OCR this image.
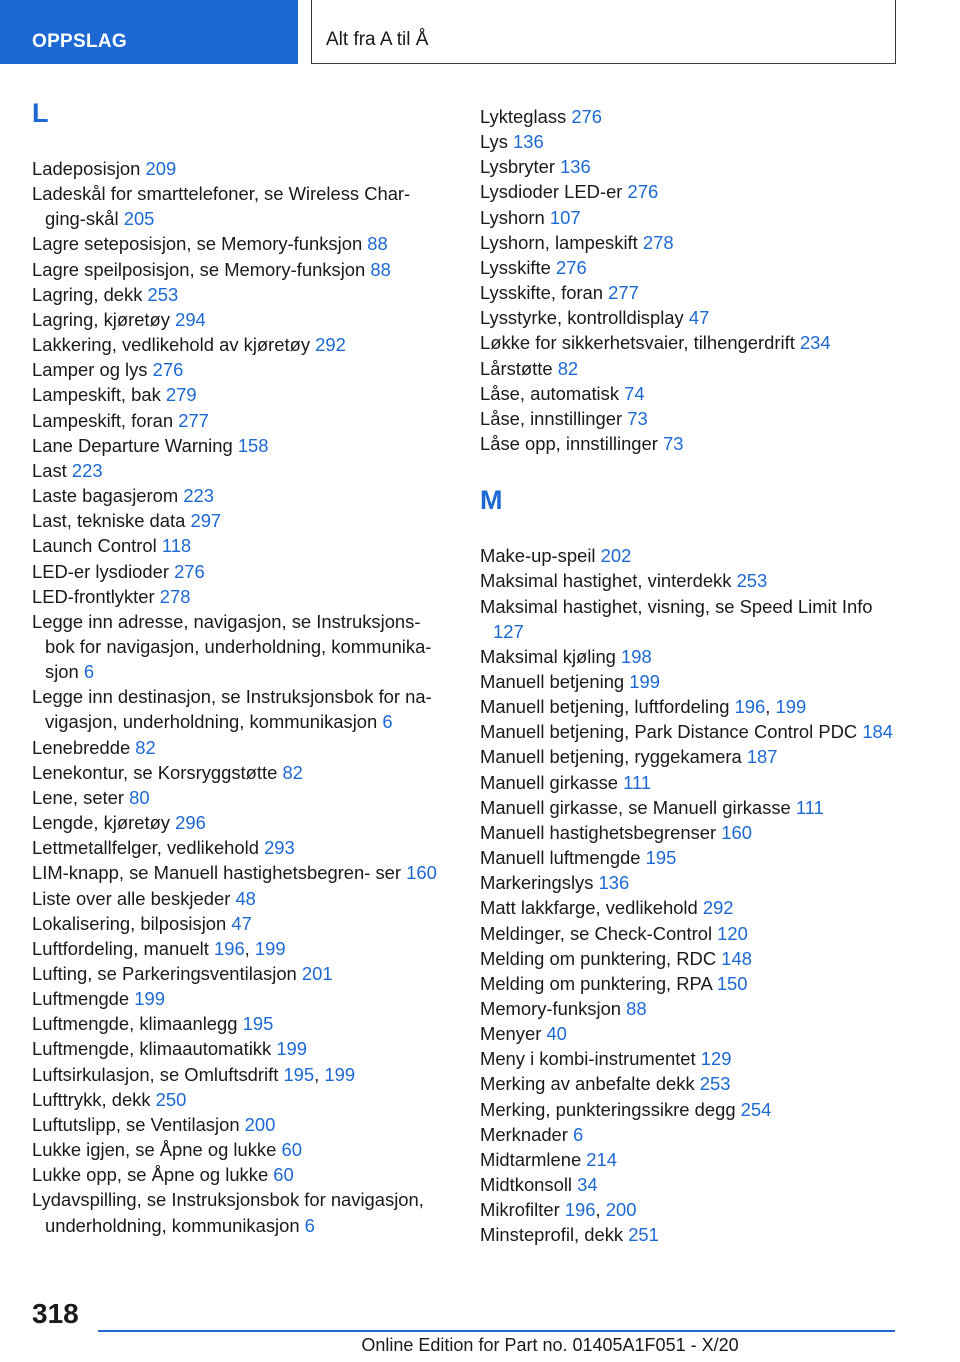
OPPSLAG	Alt fra A til Å
L
Ladeposisjon 209
Ladeskål for smarttelefoner, se Wireless Char‐ ging-skål 205
Lagre seteposisjon, se Memory-funksjon 88
Lagre speilposisjon, se Memory-funksjon 88
Lagring, dekk 253
Lagring, kjøretøy 294
Lakkering, vedlikehold av kjøretøy 292
Lamper og lys 276
Lampeskift, bak 279
Lampeskift, foran 277
Lane Departure Warning 158
Last 223
Laste bagasjerom 223
Last, tekniske data 297
Launch Control 118
LED-er lysdioder 276
LED-frontlykter 278
Legge inn adresse, navigasjon, se Instruksjons‐ bok for navigasjon, underholdning, kommunika‐ sjon 6
Legge inn destinasjon, se Instruksjonsbok for na‐ vigasjon, underholdning, kommunikasjon 6
Lenebredde 82
Lenekontur, se Korsryggstøtte 82
Lene, seter 80
Lengde, kjøretøy 296
Lettmetallfelger, vedlikehold 293
LIM-knapp, se Manuell hastighetsbegren‐ ser 160
Liste over alle beskjeder 48
Lokalisering, bilposisjon 47
Luftfordeling, manuelt 196, 199
Lufting, se Parkeringsventilasjon 201
Luftmengde 199
Luftmengde, klimaanlegg 195
Luftmengde, klimaautomatikk 199
Luftsirkulasjon, se Omluftsdrift 195, 199
Lufttrykk, dekk 250
Luftutslipp, se Ventilasjon 200
Lukke igjen, se Åpne og lukke 60
Lukke opp, se Åpne og lukke 60
Lydavspilling, se Instruksjonsbok for navigasjon, underholdning, kommunikasjon 6
Lykteglass 276
Lys 136
Lysbryter 136
Lysdioder LED-er 276
Lyshorn 107
Lyshorn, lampeskift 278
Lysskifte 276
Lysskifte, foran 277
Lysstyrke, kontrolldisplay 47
Løkke for sikkerhetsvaier, tilhengerdrift 234
Lårstøtte 82
Låse, automatisk 74
Låse, innstillinger 73
Låse opp, innstillinger 73
M
Make-up-speil 202
Maksimal hastighet, vinterdekk 253
Maksimal hastighet, visning, se Speed Limit Info 127
Maksimal kjøling 198
Manuell betjening 199
Manuell betjening, luftfordeling 196, 199
Manuell betjening, Park Distance Control PDC 184
Manuell betjening, ryggekamera 187
Manuell girkasse 111
Manuell girkasse, se Manuell girkasse 111
Manuell hastighetsbegrenser 160
Manuell luftmengde 195
Markeringslys 136
Matt lakkfarge, vedlikehold 292
Meldinger, se Check-Control 120
Melding om punktering, RDC 148
Melding om punktering, RPA 150
Memory-funksjon 88
Menyer 40
Meny i kombi-instrumentet 129
Merking av anbefalte dekk 253
Merking, punkteringssikre degg 254
Merknader 6
Midtarmlene 214
Midtkonsoll 34
Mikrofilter 196, 200
Minsteprofil, dekk 251
318
Online Edition for Part no. 01405A1F051 - X/20
